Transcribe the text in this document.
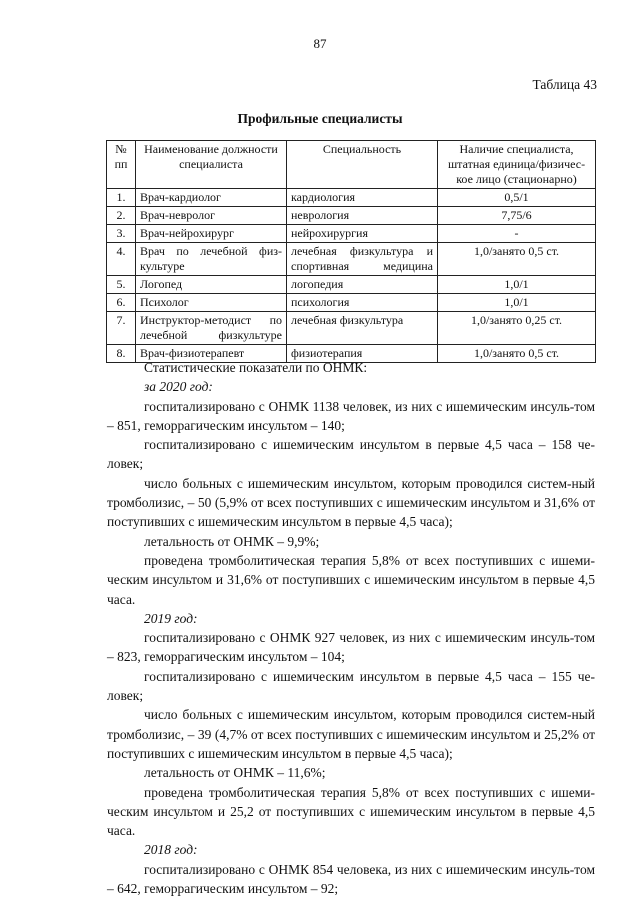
87
Таблица 43
Профильные специалисты
№ пп	Наименование должности специалиста	Специальность	Наличие специалиста, штатная единица/физичес-кое лицо (стационарно)
1.	Врач-кардиолог	кардиология	0,5/1
2.	Врач-невролог	неврология	7,75/6
3.	Врач-нейрохирург	нейрохирургия	-
4.	Врач по лечебной физ-культуре	лечебная физкультура и спортивная медицина	1,0/занято 0,5 ст.
5.	Логопед	логопедия	1,0/1
6.	Психолог	психология	1,0/1
7.	Инструктор-методист по лечебной физкультуре	лечебная физкультура	1,0/занято 0,25 ст.
8.	Врач-физиотерапевт	физиотерапия	1,0/занято 0,5 ст.

Статистические показатели по ОНМК:

за 2020 год:

госпитализировано с ОНМК 1138 человек, из них с ишемическим инсуль-том – 851, геморрагическим инсультом – 140;

госпитализировано с ишемическим инсультом в первые 4,5 часа – 158 че-ловек;

число больных с ишемическим инсультом, которым проводился систем-ный тромболизис, – 50 (5,9% от всех поступивших с ишемическим инсультом и 31,6% от поступивших с ишемическим инсультом в первые 4,5 часа);

летальность от ОНМК – 9,9%;

проведена тромболитическая терапия 5,8% от всех поступивших с ишеми-ческим инсультом и 31,6% от поступивших с ишемическим инсультом в первые 4,5 часа.

2019 год:

госпитализировано с ОНМК 927 человек, из них с ишемическим инсуль-том – 823, геморрагическим инсультом – 104;

госпитализировано с ишемическим инсультом в первые 4,5 часа – 155 че-ловек;

число больных с ишемическим инсультом, которым проводился систем-ный тромболизис, – 39 (4,7% от всех поступивших с ишемическим инсультом и 25,2% от поступивших с ишемическим инсультом в первые 4,5 часа);

летальность от ОНМК – 11,6%;

проведена тромболитическая терапия 5,8% от всех поступивших с ишеми-ческим инсультом и 25,2 от поступивших с ишемическим инсультом в первые 4,5 часа.

2018 год:

госпитализировано с ОНМК 854 человека, из них с ишемическим инсуль-том – 642, геморрагическим инсультом – 92;
